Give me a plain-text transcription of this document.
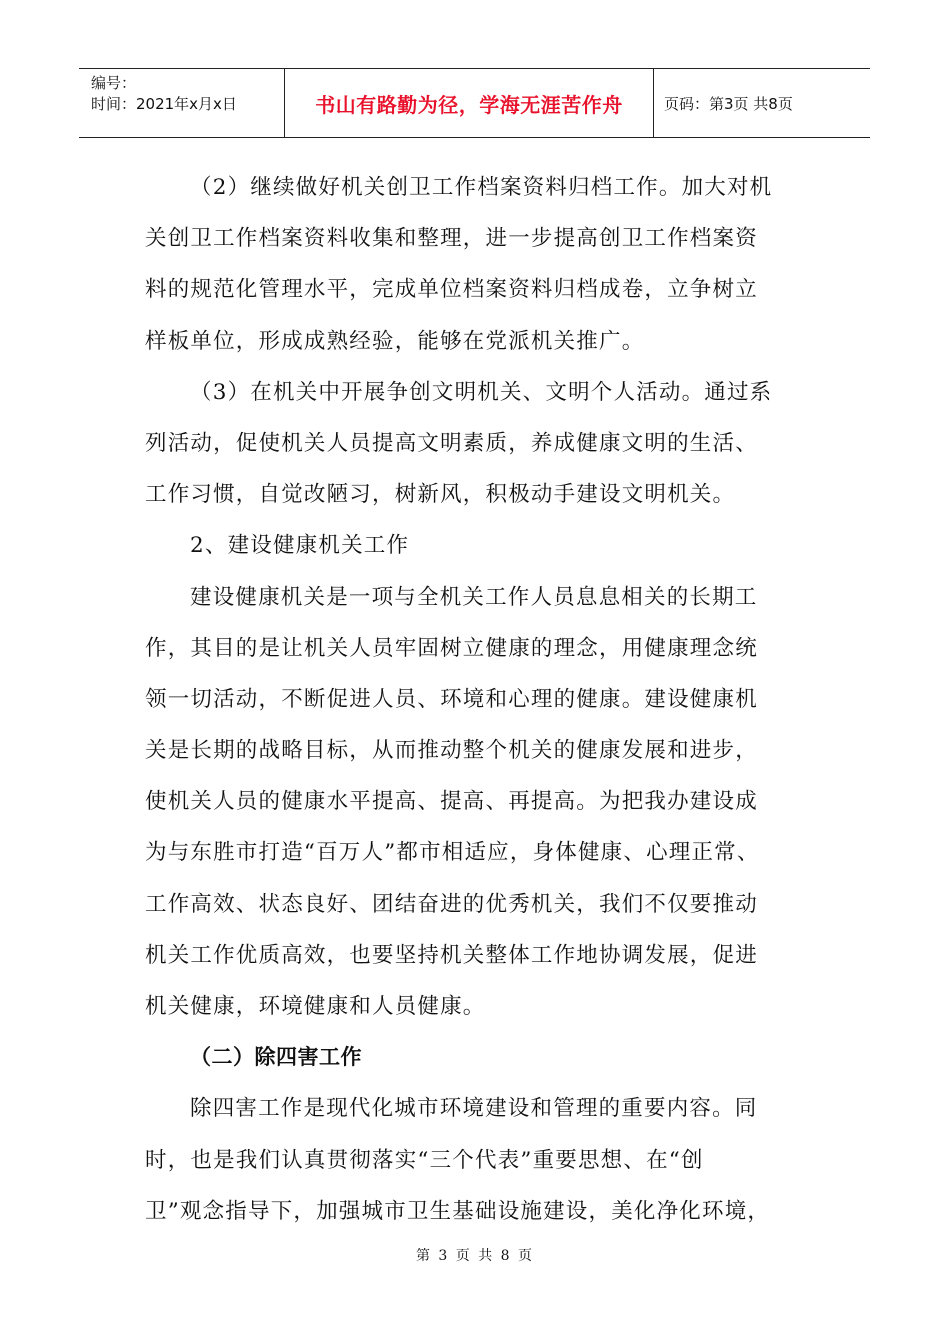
编号：
时间：2021年x月x日	书山有路勤为径，学海无涯苦作舟	页码：第3页 共8页
（2）继续做好机关创卫工作档案资料归档工作。加大对机
关创卫工作档案资料收集和整理，进一步提高创卫工作档案资
料的规范化管理水平，完成单位档案资料归档成卷，立争树立
样板单位，形成成熟经验，能够在党派机关推广。
（3）在机关中开展争创文明机关、文明个人活动。通过系
列活动，促使机关人员提高文明素质，养成健康文明的生活、
工作习惯，自觉改陋习，树新风，积极动手建设文明机关。
2、建设健康机关工作
建设健康机关是一项与全机关工作人员息息相关的长期工
作，其目的是让机关人员牢固树立健康的理念，用健康理念统
领一切活动，不断促进人员、环境和心理的健康。建设健康机
关是长期的战略目标，从而推动整个机关的健康发展和进步，
使机关人员的健康水平提高、提高、再提高。为把我办建设成
为与东胜市打造“百万人”都市相适应，身体健康、心理正常、
工作高效、状态良好、团结奋进的优秀机关，我们不仅要推动
机关工作优质高效，也要坚持机关整体工作地协调发展，促进
机关健康，环境健康和人员健康。
（二）除四害工作
除四害工作是现代化城市环境建设和管理的重要内容。同
时，也是我们认真贯彻落实“三个代表”重要思想、在“创
卫”观念指导下，加强城市卫生基础设施建设，美化净化环境，
第 3 页 共 8 页
